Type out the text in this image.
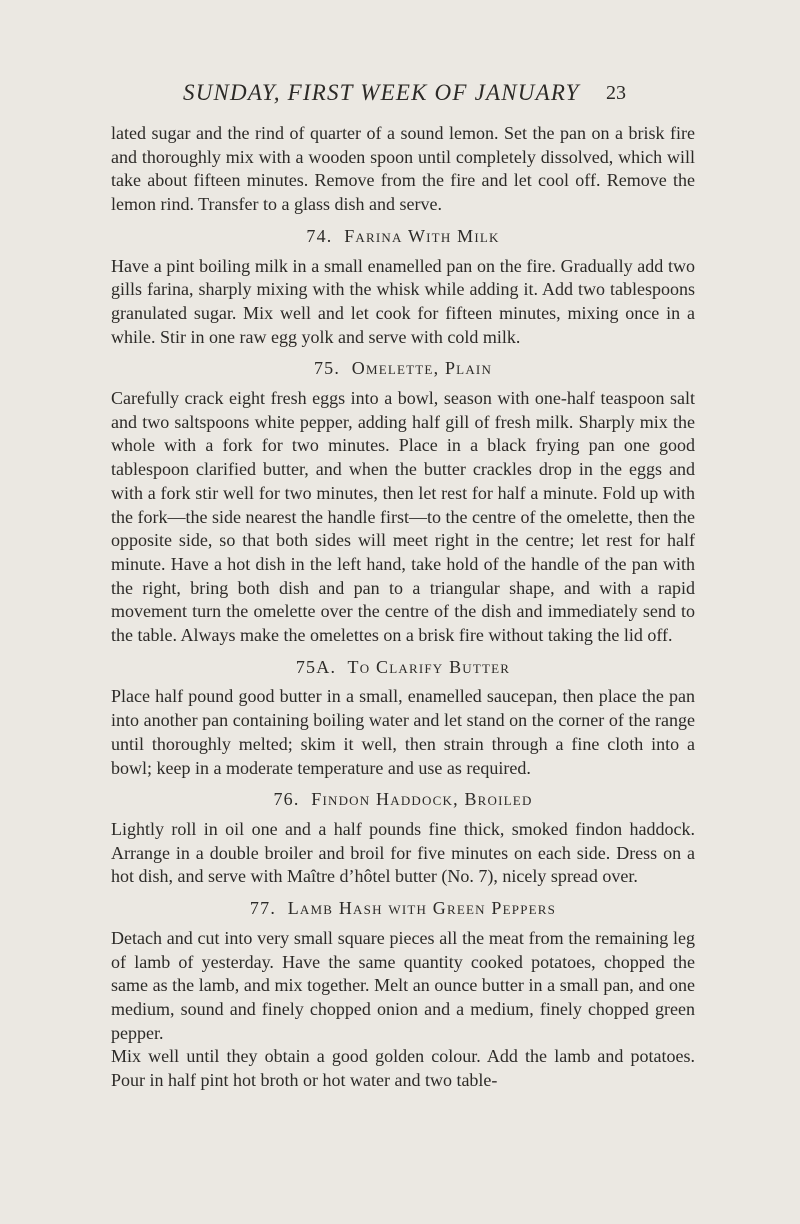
SUNDAY, FIRST WEEK OF JANUARY 23

lated sugar and the rind of quarter of a sound lemon. Set the pan on a brisk fire and thoroughly mix with a wooden spoon until completely dissolved, which will take about fifteen minutes. Remove from the fire and let cool off. Remove the lemon rind. Transfer to a glass dish and serve.

74. Farina With Milk

Have a pint boiling milk in a small enamelled pan on the fire. Gradually add two gills farina, sharply mixing with the whisk while adding it. Add two tablespoons granulated sugar. Mix well and let cook for fifteen minutes, mixing once in a while. Stir in one raw egg yolk and serve with cold milk.

75. Omelette, Plain

Carefully crack eight fresh eggs into a bowl, season with one-half teaspoon salt and two saltspoons white pepper, adding half gill of fresh milk. Sharply mix the whole with a fork for two minutes. Place in a black frying pan one good tablespoon clarified butter, and when the butter crackles drop in the eggs and with a fork stir well for two minutes, then let rest for half a minute. Fold up with the fork—the side nearest the handle first—to the centre of the omelette, then the opposite side, so that both sides will meet right in the centre; let rest for half minute. Have a hot dish in the left hand, take hold of the handle of the pan with the right, bring both dish and pan to a triangular shape, and with a rapid movement turn the omelette over the centre of the dish and immediately send to the table. Always make the omelettes on a brisk fire without taking the lid off.

75A. To Clarify Butter

Place half pound good butter in a small, enamelled saucepan, then place the pan into another pan containing boiling water and let stand on the corner of the range until thoroughly melted; skim it well, then strain through a fine cloth into a bowl; keep in a moderate temperature and use as required.

76. Findon Haddock, Broiled

Lightly roll in oil one and a half pounds fine thick, smoked findon haddock. Arrange in a double broiler and broil for five minutes on each side. Dress on a hot dish, and serve with Maître d’hôtel butter (No. 7), nicely spread over.

77. Lamb Hash with Green Peppers

Detach and cut into very small square pieces all the meat from the remaining leg of lamb of yesterday. Have the same quantity cooked potatoes, chopped the same as the lamb, and mix together. Melt an ounce butter in a small pan, and one medium, sound and finely chopped onion and a medium, finely chopped green pepper.

Mix well until they obtain a good golden colour. Add the lamb and potatoes. Pour in half pint hot broth or hot water and two table-
